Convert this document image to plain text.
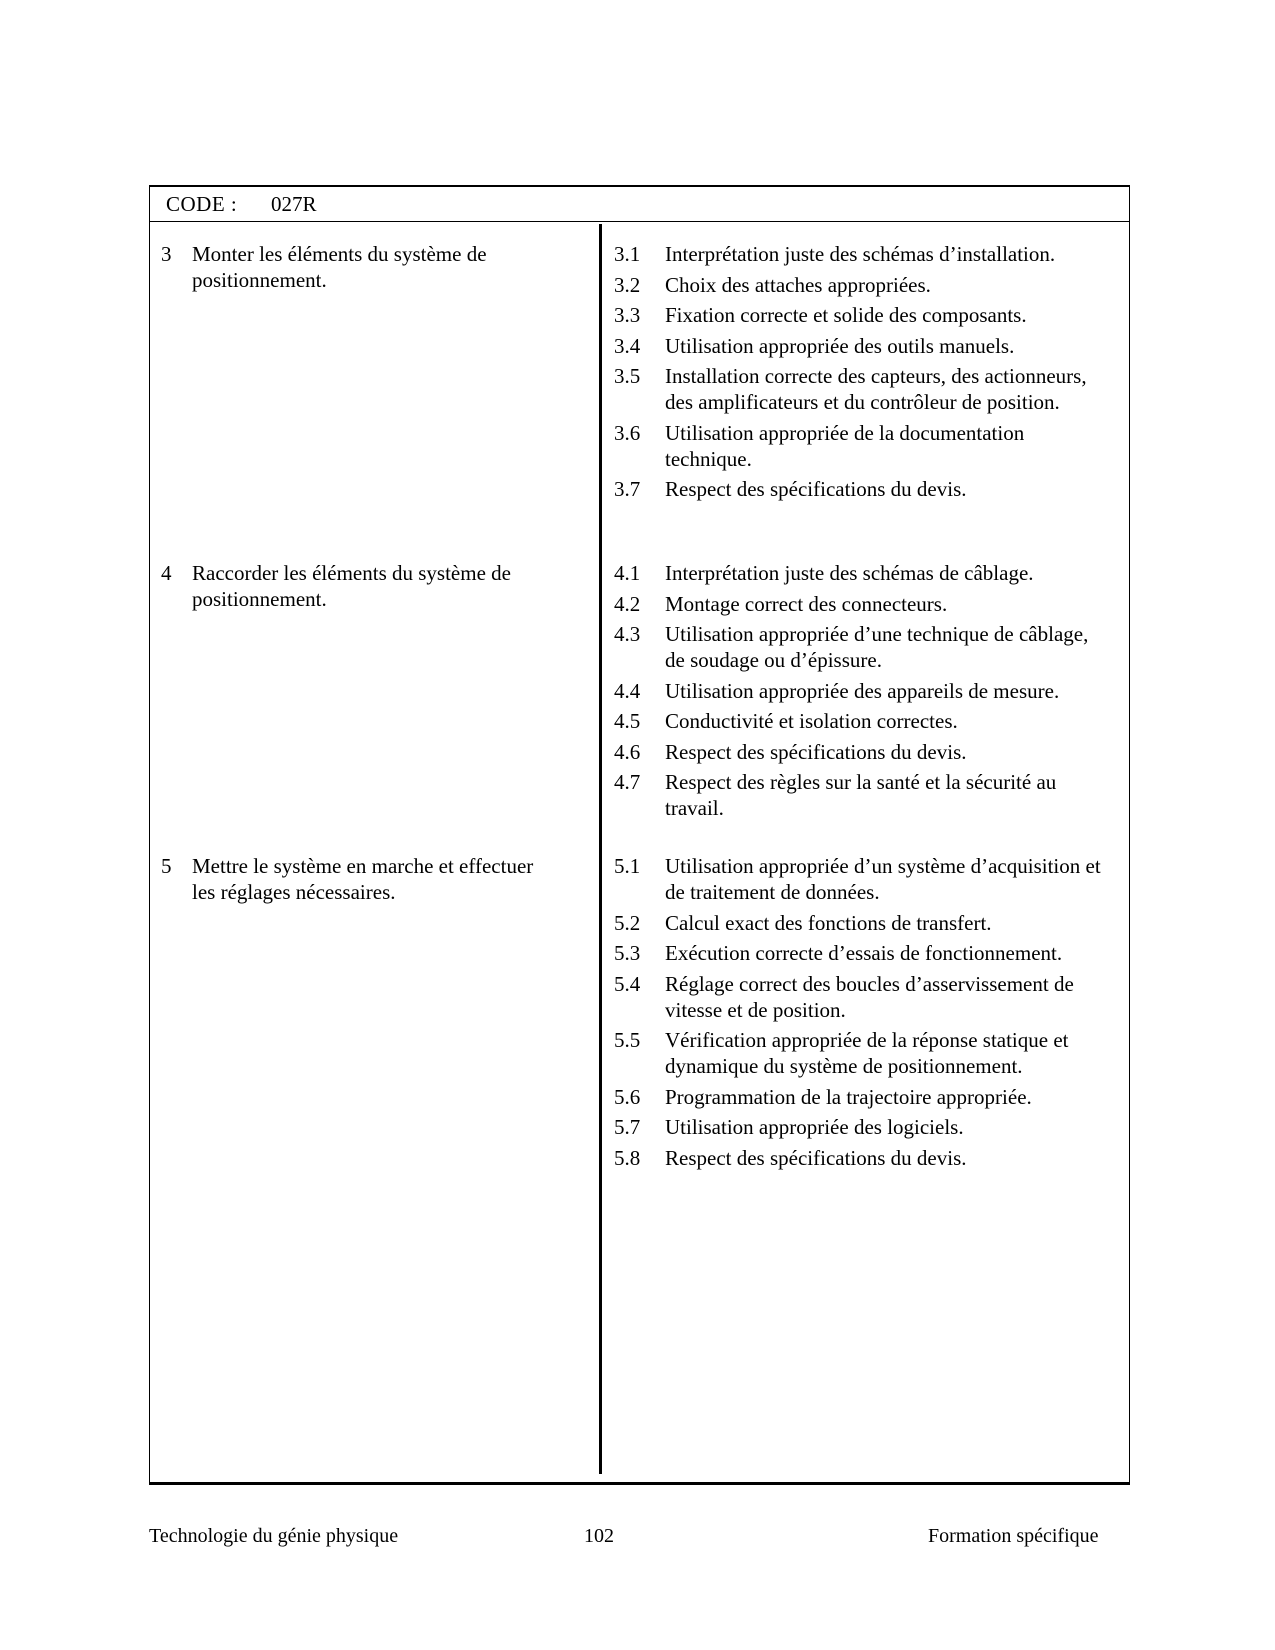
CODE : 027R
3 Monter les éléments du système de positionnement.
3.1 Interprétation juste des schémas d’installation.
3.2 Choix des attaches appropriées.
3.3 Fixation correcte et solide des composants.
3.4 Utilisation appropriée des outils manuels.
3.5 Installation correcte des capteurs, des actionneurs, des amplificateurs et du contrôleur de position.
3.6 Utilisation appropriée de la documentation technique.
3.7 Respect des spécifications du devis.
4 Raccorder les éléments du système de positionnement.
4.1 Interprétation juste des schémas de câblage.
4.2 Montage correct des connecteurs.
4.3 Utilisation appropriée d’une technique de câblage, de soudage ou d’épissure.
4.4 Utilisation appropriée des appareils de mesure.
4.5 Conductivité et isolation correctes.
4.6 Respect des spécifications du devis.
4.7 Respect des règles sur la santé et la sécurité au travail.
5 Mettre le système en marche et effectuer les réglages nécessaires.
5.1 Utilisation appropriée d’un système d’acquisition et de traitement de données.
5.2 Calcul exact des fonctions de transfert.
5.3 Exécution correcte d’essais de fonctionnement.
5.4 Réglage correct des boucles d’asservissement de vitesse et de position.
5.5 Vérification appropriée de la réponse statique et dynamique du système de positionnement.
5.6 Programmation de la trajectoire appropriée.
5.7 Utilisation appropriée des logiciels.
5.8 Respect des spécifications du devis.
Technologie du génie physique	102	Formation spécifique
